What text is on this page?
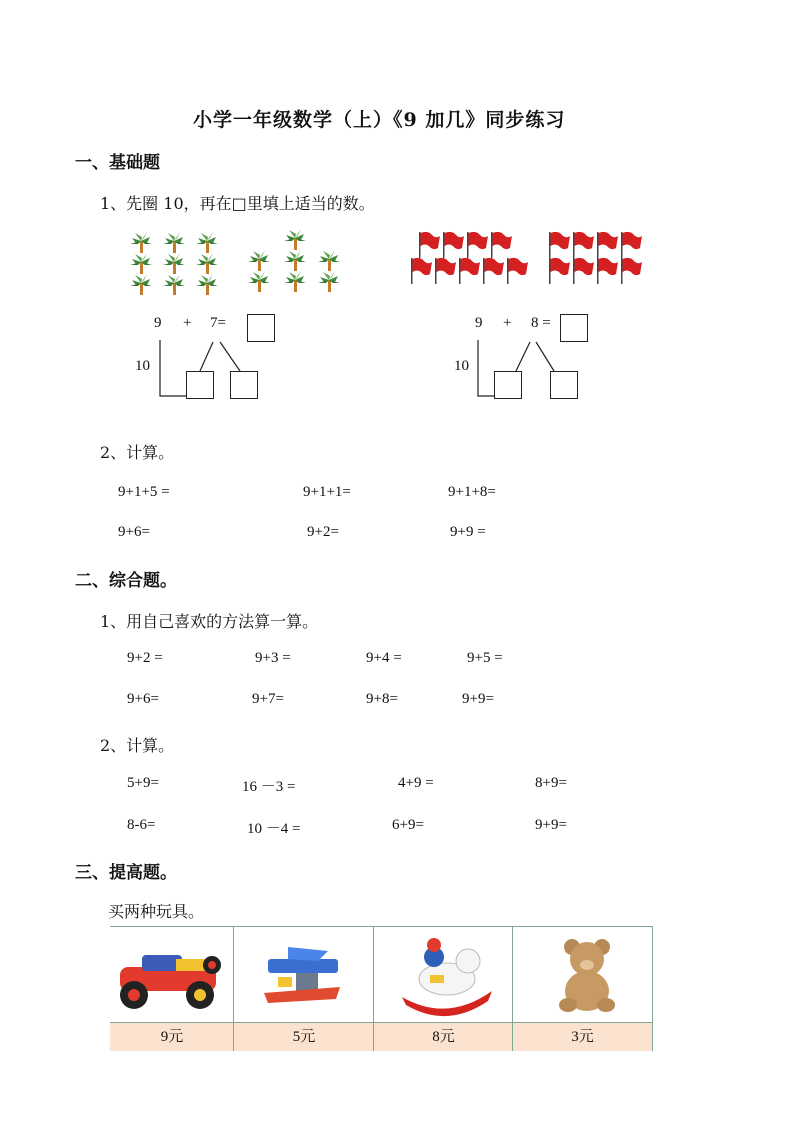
小学一年级数学（上）《9 加几》同步练习
一、基础题
1、先圈 10，再在□里填上适当的数。
9 + 7=
10
9 + 8 =
10
2、计算。
9+1+5 =	9+1+1=	9+1+8=
9+6=	9+2=	9+9 =
二、综合题。
1、用自己喜欢的方法算一算。
9+2 =	9+3 =	9+4 =	9+5 =
9+6=	9+7=	9+8=	9+9=
2、计算。
5+9=	16 －3 =	4+9 =	8+9=
8-6=	10 －4 =	6+9=	9+9=
三、提高题。
买两种玩具。
9元	5元	8元	3元
